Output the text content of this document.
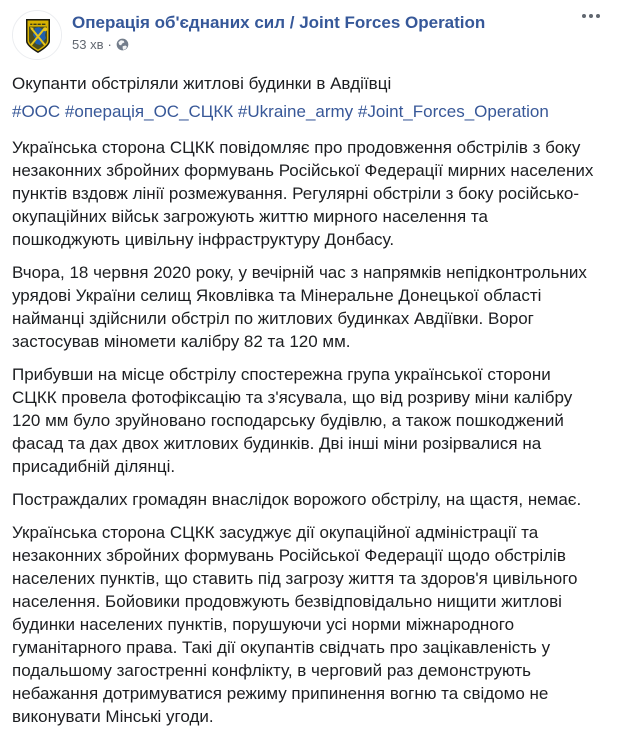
Операція об'єднаних сил / Joint Forces Operation
53 хв ·

Окупанти обстріляли житлові будинки в Авдіївці

#ООС #операція_ОС_СЦКК #Ukraine_army #Joint_Forces_Operation

Українська сторона СЦКК повідомляє про продовження обстрілів з боку незаконних збройних формувань Російської Федерації мирних населених пунктів вздовж лінії розмежування. Регулярні обстріли з боку російсько-окупаційних військ загрожують життю мирного населення та пошкоджують цивільну інфраструктуру Донбасу.

Вчора, 18 червня 2020 року, у вечірній час з напрямків непідконтрольних урядові України селищ Яковлівка та Мінеральне Донецької області найманці здійснили обстріл по житлових будинках Авдіївки. Ворог застосував міномети калібру 82 та 120 мм.

Прибувши на місце обстрілу спостережна група української сторони СЦКК провела фотофіксацію та з'ясувала, що від розриву міни калібру 120 мм було зруйновано господарську будівлю, а також пошкоджений фасад та дах двох житлових будинків. Дві інші міни розірвалися на присадибній ділянці.

Постраждалих громадян внаслідок ворожого обстрілу, на щастя, немає.

Українська сторона СЦКК засуджує дії окупаційної адміністрації та незаконних збройних формувань Російської Федерації щодо обстрілів населених пунктів, що ставить під загрозу життя та здоров'я цивільного населення. Бойовики продовжують безвідповідально нищити житлові будинки населених пунктів, порушуючи усі норми міжнародного гуманітарного права. Такі дії окупантів свідчать про зацікавленість у подальшому загостренні конфлікту, в черговий раз демонструють небажання дотримуватися режиму припинення вогню та свідомо не виконувати Мінські угоди.
